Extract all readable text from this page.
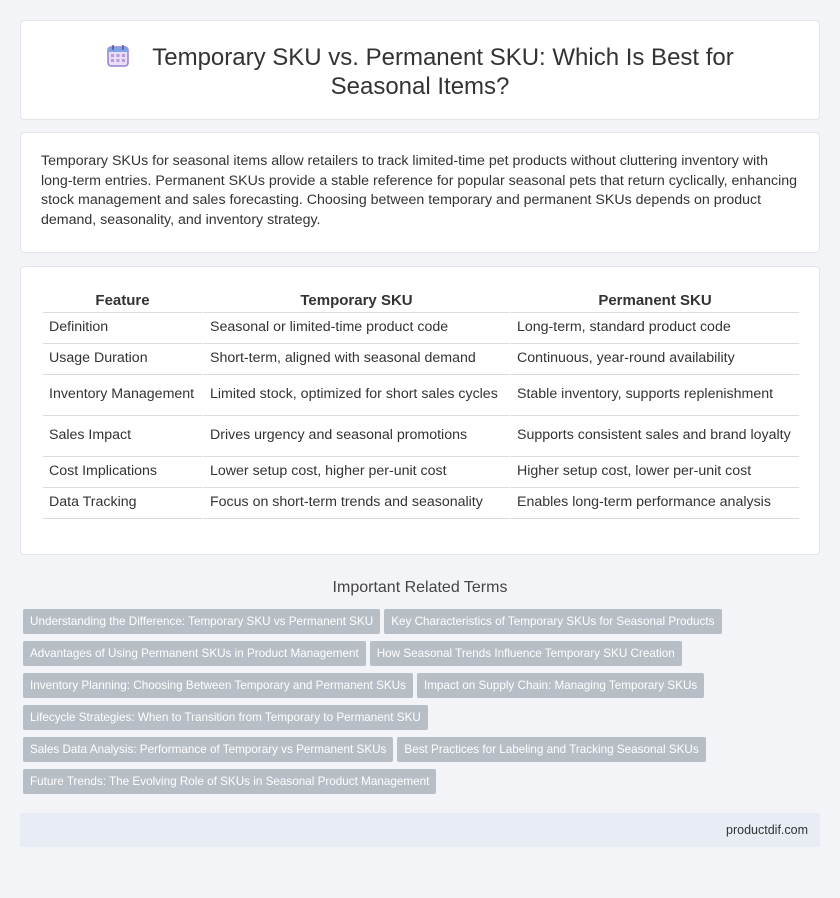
Temporary SKU vs. Permanent SKU: Which Is Best for Seasonal Items?

Temporary SKUs for seasonal items allow retailers to track limited-time pet products without cluttering inventory with long-term entries. Permanent SKUs provide a stable reference for popular seasonal pets that return cyclically, enhancing stock management and sales forecasting. Choosing between temporary and permanent SKUs depends on product demand, seasonality, and inventory strategy.

Feature	Temporary SKU	Permanent SKU
Definition	Seasonal or limited-time product code	Long-term, standard product code
Usage Duration	Short-term, aligned with seasonal demand	Continuous, year-round availability
Inventory Management	Limited stock, optimized for short sales cycles	Stable inventory, supports replenishment
Sales Impact	Drives urgency and seasonal promotions	Supports consistent sales and brand loyalty
Cost Implications	Lower setup cost, higher per-unit cost	Higher setup cost, lower per-unit cost
Data Tracking	Focus on short-term trends and seasonality	Enables long-term performance analysis
Important Related Terms
Understanding the Difference: Temporary SKU vs Permanent SKU Key Characteristics of Temporary SKUs for Seasonal Products
Advantages of Using Permanent SKUs in Product Management How Seasonal Trends Influence Temporary SKU Creation
Inventory Planning: Choosing Between Temporary and Permanent SKUs Impact on Supply Chain: Managing Temporary SKUs
Lifecycle Strategies: When to Transition from Temporary to Permanent SKU
Sales Data Analysis: Performance of Temporary vs Permanent SKUs Best Practices for Labeling and Tracking Seasonal SKUs
Future Trends: The Evolving Role of SKUs in Seasonal Product Management
productdif.com
